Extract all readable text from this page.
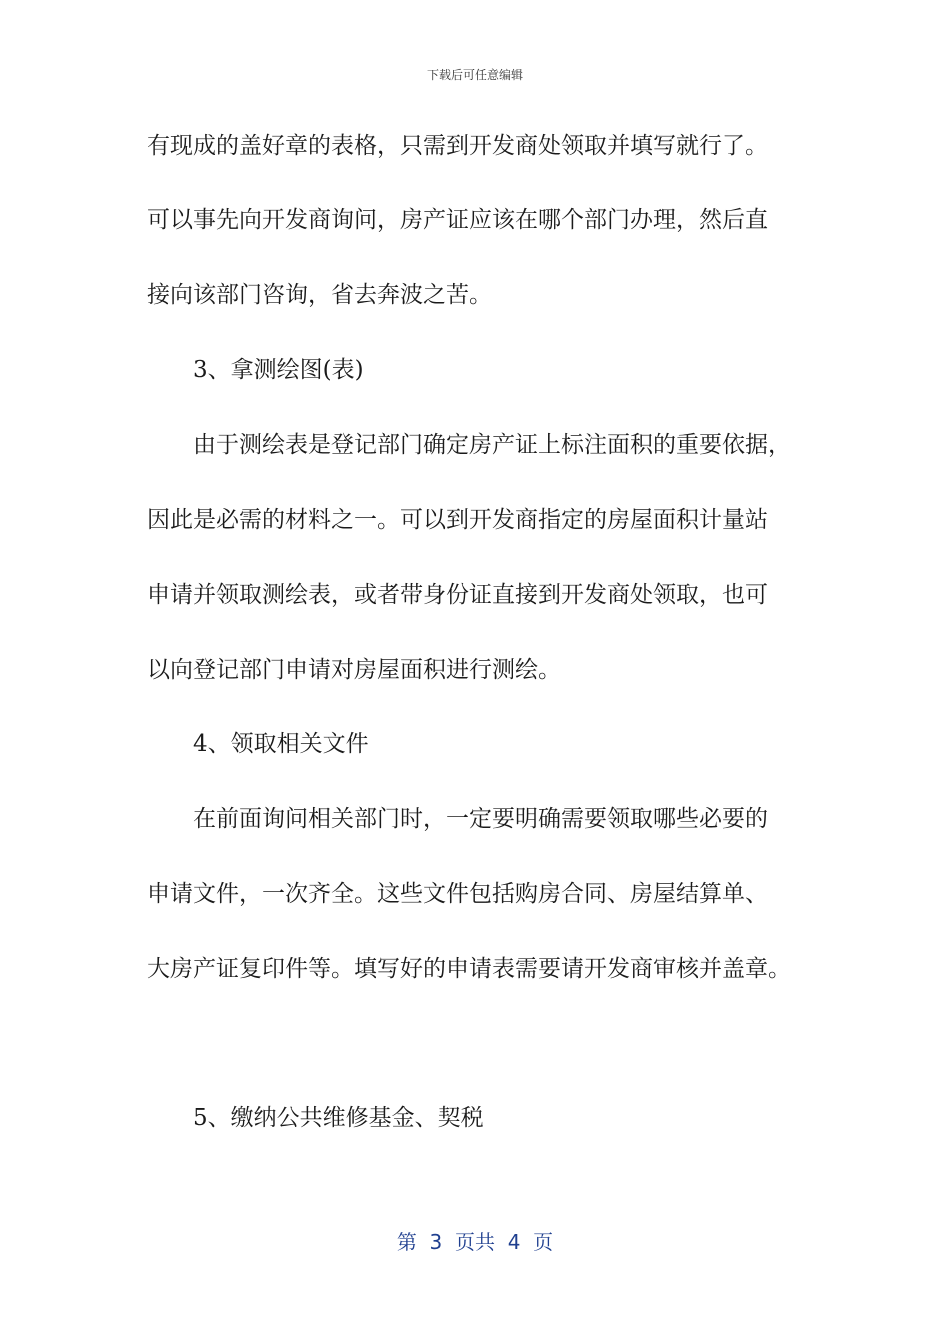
下载后可任意编辑
有现成的盖好章的表格，只需到开发商处领取并填写就行了。
可以事先向开发商询问，房产证应该在哪个部门办理，然后直
接向该部门咨询，省去奔波之苦。
3、拿测绘图(表)
由于测绘表是登记部门确定房产证上标注面积的重要依据，
因此是必需的材料之一。可以到开发商指定的房屋面积计量站
申请并领取测绘表，或者带身份证直接到开发商处领取，也可
以向登记部门申请对房屋面积进行测绘。
4、领取相关文件
在前面询问相关部门时，一定要明确需要领取哪些必要的
申请文件，一次齐全。这些文件包括购房合同、房屋结算单、
大房产证复印件等。填写好的申请表需要请开发商审核并盖章。
5、缴纳公共维修基金、契税
第  3  页共  4  页
